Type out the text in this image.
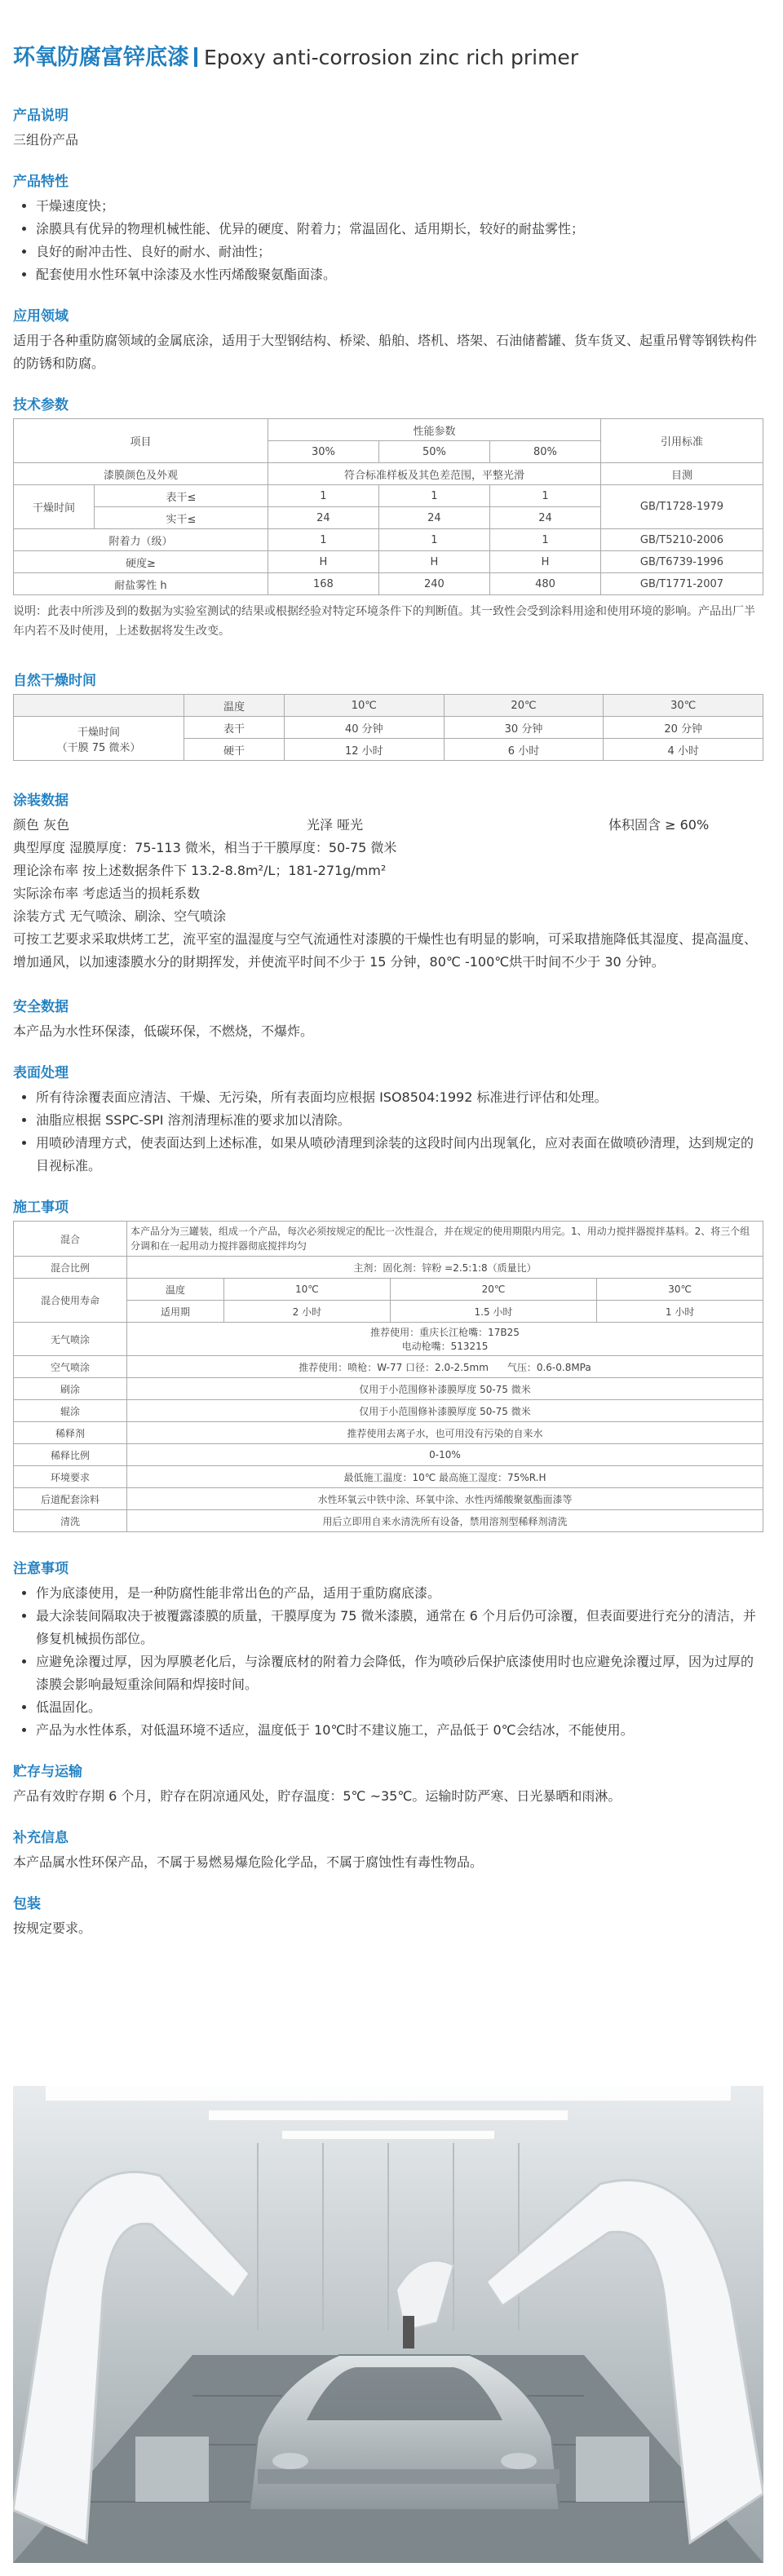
环氧防腐富锌底漆 Epoxy anti-corrosion zinc rich primer
产品说明

三组份产品

产品特性
• 干燥速度快；
• 涂膜具有优异的物理机械性能、优异的硬度、附着力；常温固化、适用期长，较好的耐盐雾性；
• 良好的耐冲击性、良好的耐水、耐油性；
• 配套使用水性环氧中涂漆及水性丙烯酸聚氨酯面漆。
应用领域

适用于各种重防腐领域的金属底涂，适用于大型钢结构、桥梁、船舶、塔机、塔架、石油储蓄罐、货车货叉、起重吊臂等钢铁构件的防锈和防腐。

技术参数
项目		性能参数			引用标准
		30%	50%	80%	
漆膜颜色及外观		符合标准样板及其色差范围，平整光滑			目测
干燥时间	表干≤	1	1	1	GB/T1728-1979
	实干≤	24	24	24	
附着力（级）		1	1	1	GB/T5210-2006
硬度≥		H	H	H	GB/T6739-1996
耐盐雾性 h		168	240	480	GB/T1771-2007
说明：此表中所涉及到的数据为实验室测试的结果或根据经验对特定环境条件下的判断值。其一致性会受到涂料用途和使用环境的影响。产品出厂半年内若不及时使用，上述数据将发生改变。
自然干燥时间
	温度	10℃	20℃	30℃
干燥时间
（干膜 75 微米）	表干	40 分钟	30 分钟	20 分钟
	硬干	12 小时	6 小时	4 小时
涂装数据
颜色 灰色	光泽 哑光	体积固含 ≥ 60%

典型厚度 湿膜厚度：75-113 微米，相当于干膜厚度：50-75 微米

理论涂布率 按上述数据条件下 13.2-8.8m²/L；181-271g/mm²

实际涂布率 考虑适当的损耗系数

涂装方式 无气喷涂、刷涂、空气喷涂

可按工艺要求采取烘烤工艺，流平室的温湿度与空气流通性对漆膜的干燥性也有明显的影响，可采取措施降低其湿度、提高温度、增加通风，以加速漆膜水分的財期挥发，并使流平时间不少于 15 分钟，80℃ -100℃烘干时间不少于 30 分钟。

安全数据

本产品为水性环保漆，低碳环保，不燃烧，不爆炸。

表面处理
• 所有待涂覆表面应清洁、干燥、无污染，所有表面均应根据 ISO8504:1992 标准进行评估和处理。
• 油脂应根据 SSPC-SPI 溶剂清理标准的要求加以清除。
• 用喷砂清理方式，使表面达到上述标准，如果从喷砂清理到涂装的这段时间内出现氧化，应对表面在做喷砂清理，达到规定的目视标准。
施工事项
混合	本产品分为三罐装，组成一个产品，每次必须按规定的配比一次性混合，并在规定的使用期限内用完。1、用动力搅拌器搅拌基料。2、将三个组分调和在一起用动力搅拌器彻底搅拌均匀			
混合比例	主剂：固化剂：锌粉 =2.5:1:8（质量比）			
混合使用寿命	温度	10℃	20℃	30℃
	适用期	2 小时	1.5 小时	1 小时
无气喷涂	推荐使用：重庆长江枪嘴：17B25
电动枪嘴：513215			
空气喷涂	推荐使用：喷枪：W-77 口径：2.0-2.5mm 气压：0.6-0.8MPa			
刷涂	仅用于小范围修补漆膜厚度 50-75 微米			
辊涂	仅用于小范围修补漆膜厚度 50-75 微米			
稀释剂	推荐使用去离子水，也可用没有污染的自来水			
稀释比例	0-10%			
环境要求	最低施工温度：10℃ 最高施工湿度：75%R.H			
后道配套涂料	水性环氧云中铁中涂、环氧中涂、水性丙烯酸聚氨酯面漆等			
清洗	用后立即用自来水清洗所有设备，禁用溶剂型稀释剂清洗			
注意事项
• 作为底漆使用，是一种防腐性能非常出色的产品，适用于重防腐底漆。
• 最大涂装间隔取决于被覆露漆膜的质量，干膜厚度为 75 微米漆膜，通常在 6 个月后仍可涂覆，但表面要进行充分的清洁，并修复机械损伤部位。
• 应避免涂覆过厚，因为厚膜老化后，与涂覆底材的附着力会降低，作为喷砂后保护底漆使用时也应避免涂覆过厚，因为过厚的漆膜会影响最短重涂间隔和焊接时间。
• 低温固化。
• 产品为水性体系，对低温环境不适应，温度低于 10℃时不建议施工，产品低于 0℃会结冰，不能使用。
贮存与运输

产品有效貯存期 6 个月，貯存在阴凉通风处，貯存温度：5℃ ~35℃。运输时防严寒、日光暴晒和雨淋。

补充信息

本产品属水性环保产品，不属于易燃易爆危险化学品，不属于腐蚀性有毒性物品。

包装

按规定要求。
